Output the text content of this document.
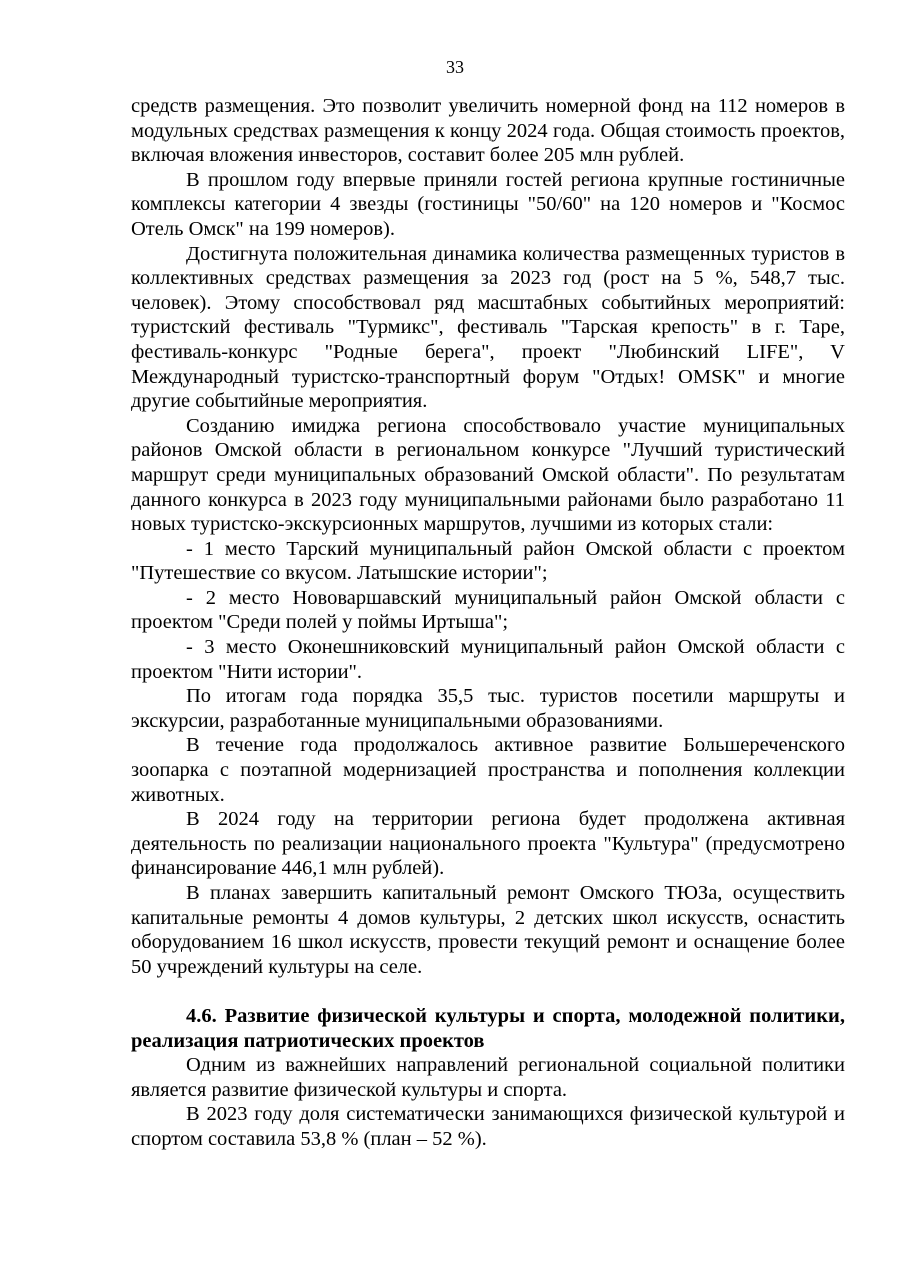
33

средств размещения. Это позволит увеличить номерной фонд на 112 номеров в модульных средствах размещения к концу 2024 года. Общая стоимость проектов, включая вложения инвесторов, составит более 205 млн рублей.

В прошлом году впервые приняли гостей региона крупные гостиничные комплексы категории 4 звезды (гостиницы "50/60" на 120 номеров и "Космос Отель Омск" на 199 номеров).

Достигнута положительная динамика количества размещенных туристов в коллективных средствах размещения за 2023 год (рост на 5 %, 548,7 тыс. человек). Этому способствовал ряд масштабных событийных мероприятий: туристский фестиваль "Турмикс", фестиваль "Тарская крепость" в г. Таре, фестиваль-конкурс "Родные берега", проект "Любинский LIFE", V Международный туристско-транспортный форум "Отдых! OMSK" и многие другие событийные мероприятия.

Созданию имиджа региона способствовало участие муниципальных районов Омской области в региональном конкурсе "Лучший туристический маршрут среди муниципальных образований Омской области". По результатам данного конкурса в 2023 году муниципальными районами было разработано 11 новых туристско-экскурсионных маршрутов, лучшими из которых стали:

- 1 место Тарский муниципальный район Омской области с проектом "Путешествие со вкусом. Латышские истории";

- 2 место Нововаршавский муниципальный район Омской области с проектом "Среди полей у поймы Иртыша";

- 3 место Оконешниковский муниципальный район Омской области с проектом "Нити истории".

По итогам года порядка 35,5 тыс. туристов посетили маршруты и экскурсии, разработанные муниципальными образованиями.

В течение года продолжалось активное развитие Большереченского зоопарка с поэтапной модернизацией пространства и пополнения коллекции животных.

В 2024 году на территории региона будет продолжена активная деятельность по реализации национального проекта "Культура" (предусмотрено финансирование 446,1 млн рублей).

В планах завершить капитальный ремонт Омского ТЮЗа, осуществить капитальные ремонты 4 домов культуры, 2 детских школ искусств, оснастить оборудованием 16 школ искусств, провести текущий ремонт и оснащение более 50 учреждений культуры на селе.

4.6. Развитие физической культуры и спорта, молодежной политики, реализация патриотических проектов

Одним из важнейших направлений региональной социальной политики является развитие физической культуры и спорта.

В 2023 году доля систематически занимающихся физической культурой и спортом составила 53,8 % (план – 52 %).
